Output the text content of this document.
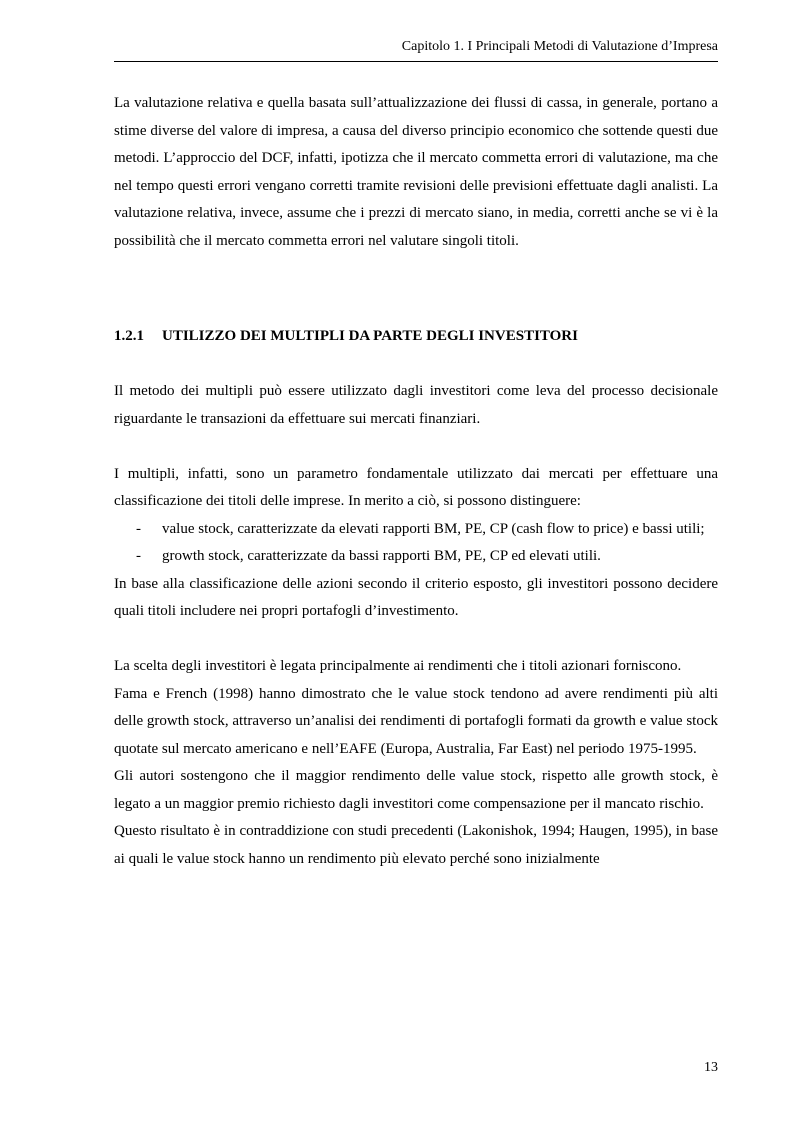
Capitolo 1. I Principali Metodi di Valutazione d’Impresa

La valutazione relativa e quella basata sull’attualizzazione dei flussi di cassa, in generale, portano a stime diverse del valore di impresa, a causa del diverso principio economico che sottende questi due metodi. L’approccio del DCF, infatti, ipotizza che il mercato commetta errori di valutazione, ma che nel tempo questi errori vengano corretti tramite revisioni delle previsioni effettuate dagli analisti. La valutazione relativa, invece, assume che i prezzi di mercato siano, in media, corretti anche se vi è la possibilità che il mercato commetta errori nel valutare singoli titoli.

1.2.1	UTILIZZO DEI MULTIPLI DA PARTE DEGLI INVESTITORI

Il metodo dei multipli può essere utilizzato dagli investitori come leva del processo decisionale riguardante le transazioni da effettuare sui mercati finanziari.

I multipli, infatti, sono un parametro fondamentale utilizzato dai mercati per effettuare una classificazione dei titoli delle imprese. In merito a ciò, si possono distinguere:

- value stock, caratterizzate da elevati rapporti BM, PE, CP (cash flow to price) e bassi utili;
- growth stock, caratterizzate da bassi rapporti BM, PE, CP ed elevati utili.

In base alla classificazione delle azioni secondo il criterio esposto, gli investitori possono decidere quali titoli includere nei propri portafogli d’investimento.

La scelta degli investitori è legata principalmente ai rendimenti che i titoli azionari forniscono.

Fama e French (1998) hanno dimostrato che le value stock tendono ad avere rendimenti più alti delle growth stock, attraverso un’analisi dei rendimenti di portafogli formati da growth e value stock quotate sul mercato americano e nell’EAFE (Europa, Australia, Far East) nel periodo 1975-1995.

Gli autori sostengono che il maggior rendimento delle value stock, rispetto alle growth stock, è legato a un maggior premio richiesto dagli investitori come compensazione per il mancato rischio.

Questo risultato è in contraddizione con studi precedenti (Lakonishok, 1994; Haugen, 1995), in base ai quali le value stock hanno un rendimento più elevato perché sono inizialmente

13
